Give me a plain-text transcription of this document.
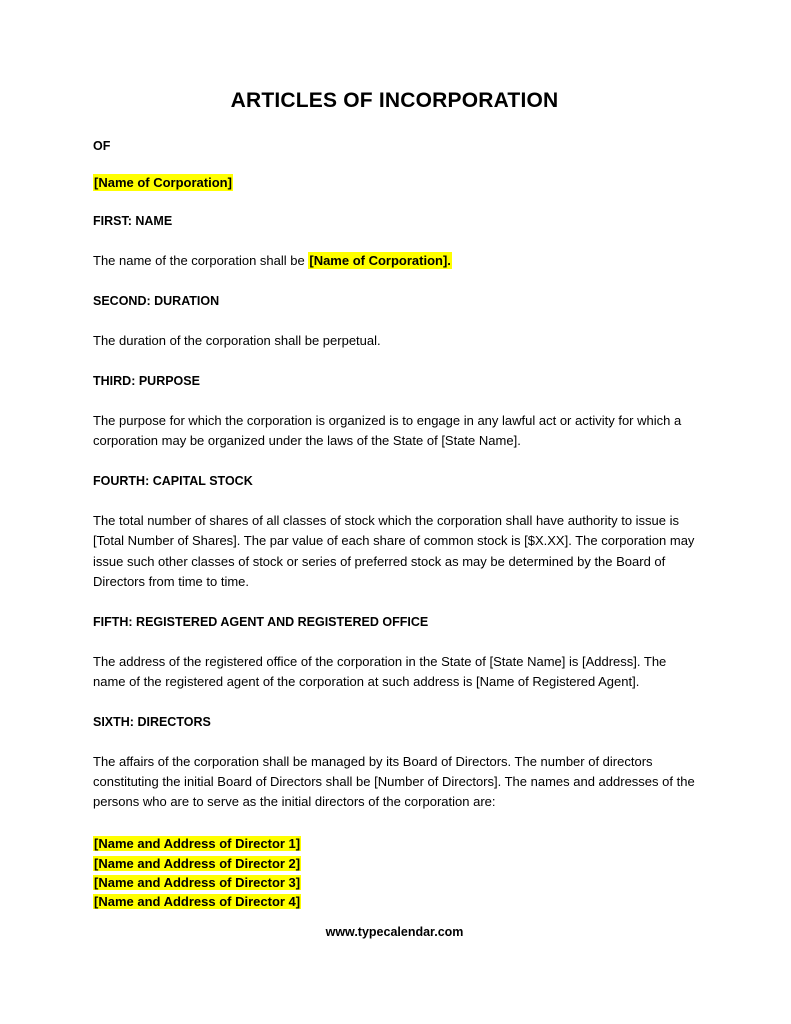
ARTICLES OF INCORPORATION

OF

[Name of Corporation]

FIRST: NAME

The name of the corporation shall be [Name of Corporation].

SECOND: DURATION

The duration of the corporation shall be perpetual.

THIRD: PURPOSE

The purpose for which the corporation is organized is to engage in any lawful act or activity for which a corporation may be organized under the laws of the State of [State Name].

FOURTH: CAPITAL STOCK

The total number of shares of all classes of stock which the corporation shall have authority to issue is [Total Number of Shares]. The par value of each share of common stock is [$X.XX]. The corporation may issue such other classes of stock or series of preferred stock as may be determined by the Board of Directors from time to time.

FIFTH: REGISTERED AGENT AND REGISTERED OFFICE

The address of the registered office of the corporation in the State of [State Name] is [Address]. The name of the registered agent of the corporation at such address is [Name of Registered Agent].

SIXTH: DIRECTORS

The affairs of the corporation shall be managed by its Board of Directors. The number of directors constituting the initial Board of Directors shall be [Number of Directors]. The names and addresses of the persons who are to serve as the initial directors of the corporation are:

[Name and Address of Director 1]
[Name and Address of Director 2]
[Name and Address of Director 3]
[Name and Address of Director 4]
www.typecalendar.com
